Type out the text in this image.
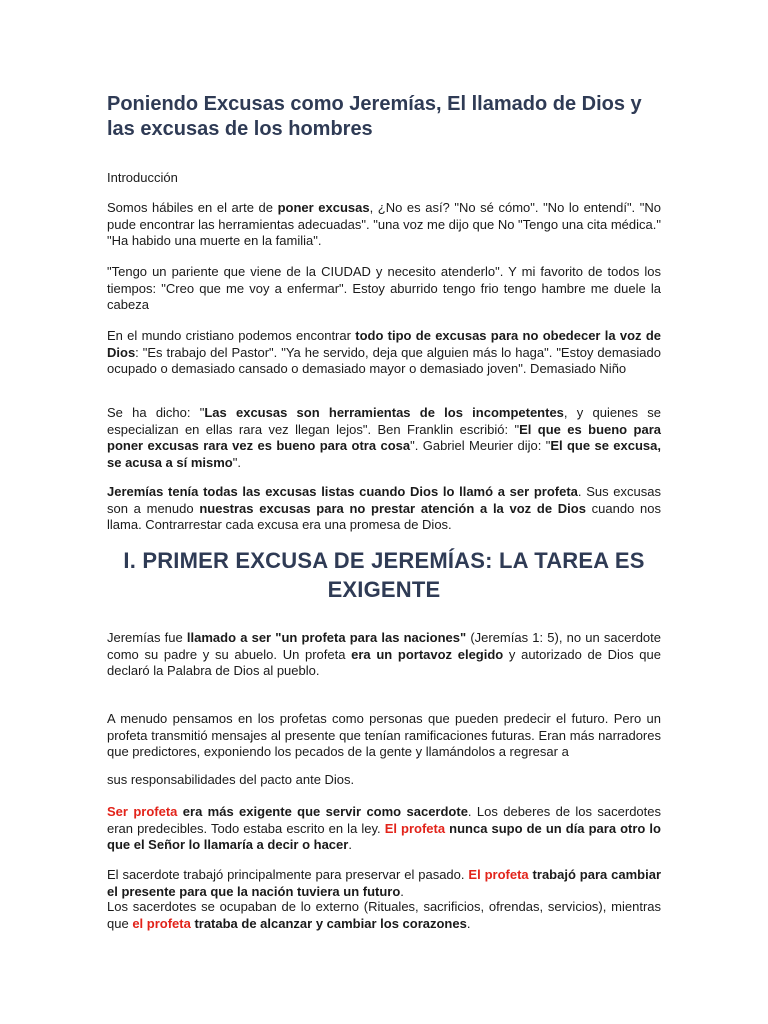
Poniendo Excusas como Jeremías, El llamado de Dios y las excusas de los hombres
Introducción
Somos hábiles en el arte de poner excusas, ¿No es así? "No sé cómo". "No lo entendí". "No pude encontrar las herramientas adecuadas". "una voz me dijo que No "Tengo una cita médica." "Ha habido una muerte en la familia".
"Tengo un pariente que viene de la CIUDAD y necesito atenderlo". Y mi favorito de todos los tiempos: "Creo que me voy a enfermar". Estoy aburrido tengo frio tengo hambre me duele la cabeza
En el mundo cristiano podemos encontrar todo tipo de excusas para no obedecer la voz de Dios: "Es trabajo del Pastor". "Ya he servido, deja que alguien más lo haga". "Estoy demasiado ocupado o demasiado cansado o demasiado mayor o demasiado joven". Demasiado Niño
Se ha dicho: "Las excusas son herramientas de los incompetentes, y quienes se especializan en ellas rara vez llegan lejos". Ben Franklin escribió: "El que es bueno para poner excusas rara vez es bueno para otra cosa". Gabriel Meurier dijo: "El que se excusa, se acusa a sí mismo".
Jeremías tenía todas las excusas listas cuando Dios lo llamó a ser profeta. Sus excusas son a menudo nuestras excusas para no prestar atención a la voz de Dios cuando nos llama. Contrarrestar cada excusa era una promesa de Dios.
I. PRIMER EXCUSA DE JEREMÍAS: LA TAREA ES EXIGENTE
Jeremías fue llamado a ser "un profeta para las naciones" (Jeremías 1: 5), no un sacerdote como su padre y su abuelo. Un profeta era un portavoz elegido y autorizado de Dios que declaró la Palabra de Dios al pueblo.
A menudo pensamos en los profetas como personas que pueden predecir el futuro. Pero un profeta transmitió mensajes al presente que tenían ramificaciones futuras. Eran más narradores que predictores, exponiendo los pecados de la gente y llamándolos a regresar a
sus responsabilidades del pacto ante Dios.
Ser profeta era más exigente que servir como sacerdote. Los deberes de los sacerdotes eran predecibles. Todo estaba escrito en la ley. El profeta nunca supo de un día para otro lo que el Señor lo llamaría a decir o hacer.
El sacerdote trabajó principalmente para preservar el pasado. El profeta trabajó para cambiar el presente para que la nación tuviera un futuro.
Los sacerdotes se ocupaban de lo externo (Rituales, sacrificios, ofrendas, servicios), mientras que el profeta trataba de alcanzar y cambiar los corazones.
